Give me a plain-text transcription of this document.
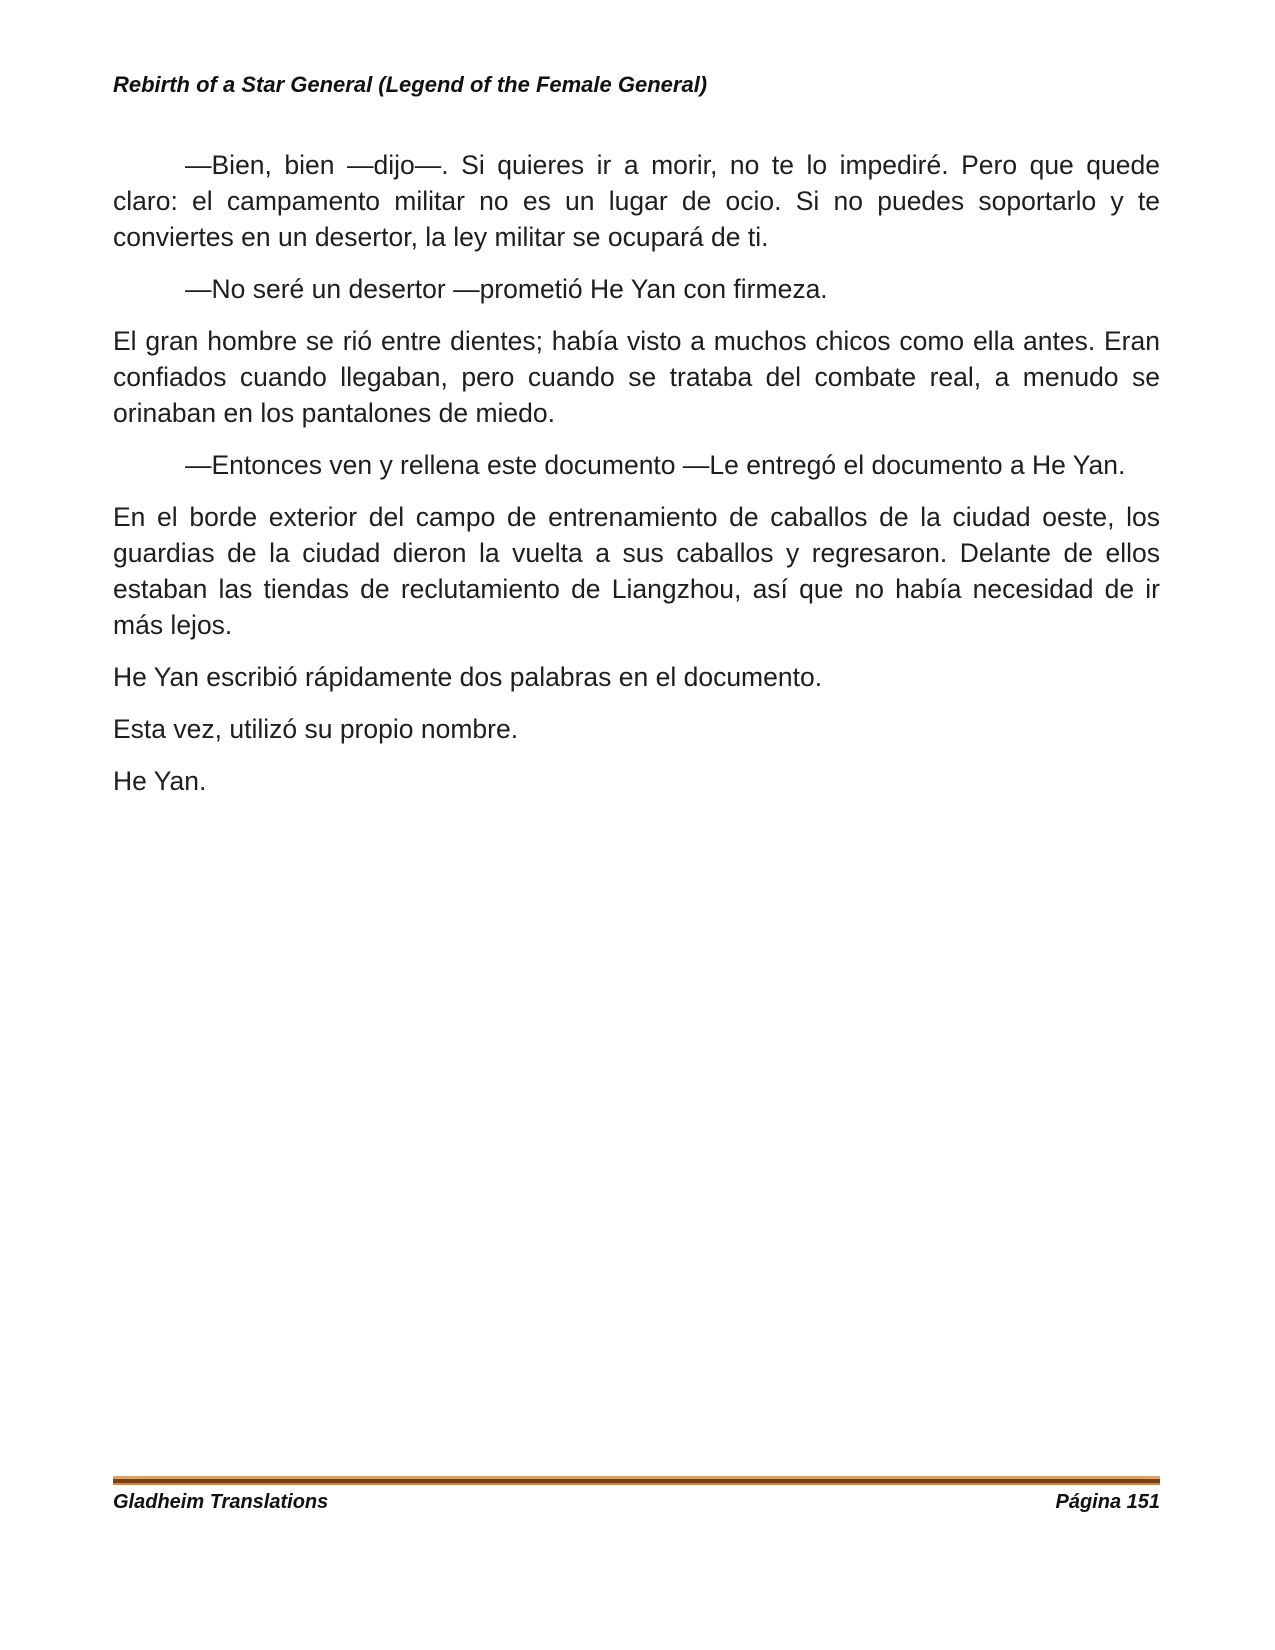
Rebirth of a Star General (Legend of the Female General)

—Bien, bien —dijo—. Si quieres ir a morir, no te lo impediré. Pero que quede claro: el campamento militar no es un lugar de ocio. Si no puedes soportarlo y te conviertes en un desertor, la ley militar se ocupará de ti.

—No seré un desertor —prometió He Yan con firmeza.

El gran hombre se rió entre dientes; había visto a muchos chicos como ella antes. Eran confiados cuando llegaban, pero cuando se trataba del combate real, a menudo se orinaban en los pantalones de miedo.

—Entonces ven y rellena este documento —Le entregó el documento a He Yan.

En el borde exterior del campo de entrenamiento de caballos de la ciudad oeste, los guardias de la ciudad dieron la vuelta a sus caballos y regresaron. Delante de ellos estaban las tiendas de reclutamiento de Liangzhou, así que no había necesidad de ir más lejos.

He Yan escribió rápidamente dos palabras en el documento.

Esta vez, utilizó su propio nombre.

He Yan.

Gladheim Translations	Página 151
